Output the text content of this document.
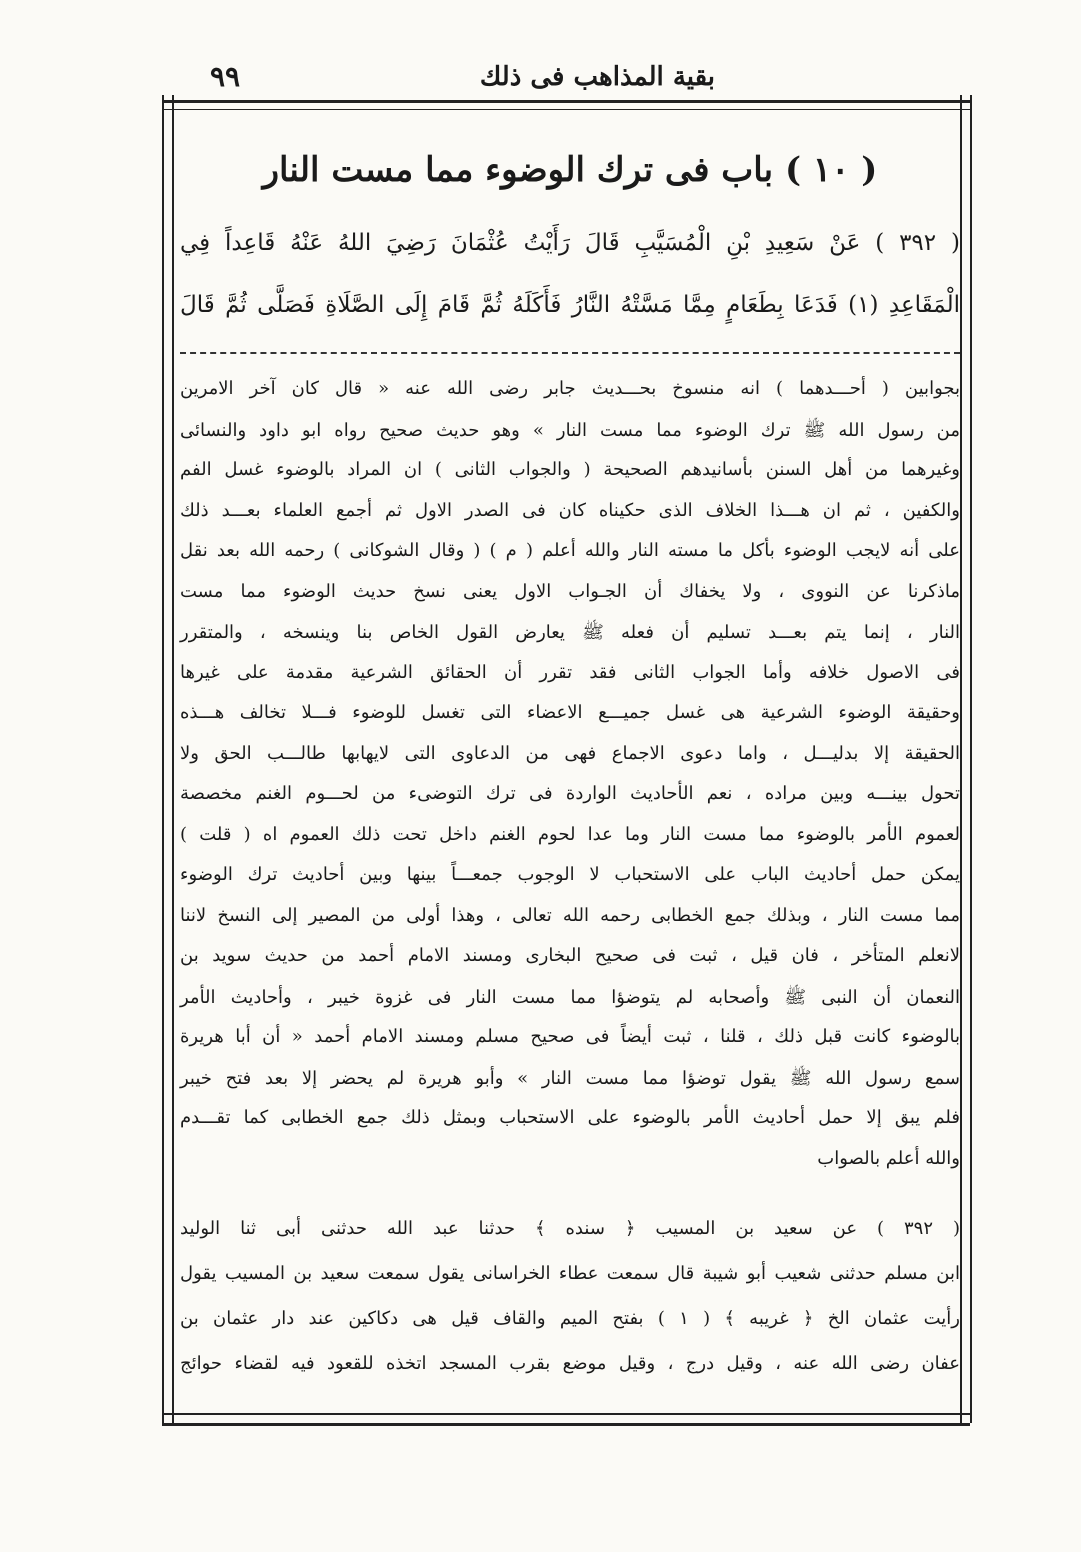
بقية المذاهب فى ذلك
٩٩
( ١٠ ) باب فى ترك الوضوء مما مست النار
( ٣٩٢ ) عَنْ سَعِيدِ بْنِ الْمُسَيَّبِ قَالَ رَأَيْتُ عُثْمَانَ رَضِيَ اللهُ عَنْهُ قَاعِداً فِي
الْمَقَاعِدِ (١) فَدَعَا بِطَعَامٍ مِمَّا مَسَّتْهُ النَّارُ فَأَكَلَهُ ثُمَّ قَامَ إِلَى الصَّلَاةِ فَصَلَّى ثُمَّ قَالَ
بجوابين ( أحـــدهما ) انه منسوخ بحـــديث جابر رضى الله عنه « قال كان آخر الامرين
من رسول الله ﷺ ترك الوضوء مما مست النار » وهو حديث صحيح رواه ابو داود والنسائى
وغيرهما من أهل السنن بأسانيدهم الصحيحة ( والجواب الثانى ) ان المراد بالوضوء غسل الفم
والكفين ، ثم ان هـــذا الخلاف الذى حكيناه كان فى الصدر الاول ثم أجمع العلماء بعـــد ذلك
على أنه لايجب الوضوء بأكل ما مسته النار والله أعلم ( م ) ( وقال الشوكانى ) رحمه الله بعد نقل
ماذكرنا عن النووى ، ولا يخفاك أن الجـواب الاول يعنى نسخ حديث الوضوء مما مست
النار ، إنما يتم بعـــد تسليم أن فعله ﷺ يعارض القول الخاص بنا وينسخه ، والمتقرر
فى الاصول خلافه وأما الجواب الثانى فقد تقرر أن الحقائق الشرعية مقدمة على غيرها
وحقيقة الوضوء الشرعية هى غسل جميـــع الاعضاء التى تغسل للوضوء فـــلا تخالف هـــذه
الحقيقة إلا بدليـــل ، واما دعوى الاجماع فهى من الدعاوى التى لايهابها طالـــب الحق ولا
تحول بينـــه وبين مراده ، نعم الأحاديث الواردة فى ترك التوضىء من لحـــوم الغنم مخصصة
لعموم الأمر بالوضوء مما مست النار وما عدا لحوم الغنم داخل تحت ذلك العموم اه ( قلت )
يمكن حمل أحاديث الباب على الاستحباب لا الوجوب جمعـــاً بينها وبين أحاديث ترك الوضوء
مما مست النار ، وبذلك جمع الخطابى رحمه الله تعالى ، وهذا أولى من المصير إلى النسخ لاننا
لانعلم المتأخر ، فان قيل ، ثبت فى صحيح البخارى ومسند الامام أحمد من حديث سويد بن
النعمان أن النبى ﷺ وأصحابه لم يتوضؤا مما مست النار فى غزوة خيبر ، وأحاديث الأمر
بالوضوء كانت قبل ذلك ، قلنا ، ثبت أيضاً فى صحيح مسلم ومسند الامام أحمد « أن أبا هريرة
سمع رسول الله ﷺ يقول توضؤا مما مست النار » وأبو هريرة لم يحضر إلا بعد فتح خيبر
فلم يبق إلا حمل أحاديث الأمر بالوضوء على الاستحباب وبمثل ذلك جمع الخطابى كما تقـــدم
والله أعلم بالصواب
( ٣٩٢ ) عن سعيد بن المسيب ﴿ سنده ﴾ حدثنا عبد الله حدثنى أبى ثنا الوليد
ابن مسلم حدثنى شعيب أبو شيبة قال سمعت عطاء الخراسانى يقول سمعت سعيد بن المسيب يقول
رأيت عثمان الخ ﴿ غريبه ﴾ ( ١ ) بفتح الميم والقاف قيل هى دكاكين عند دار عثمان بن
عفان رضى الله عنه ، وقيل درج ، وقيل موضع بقرب المسجد اتخذه للقعود فيه لقضاء حوائج
